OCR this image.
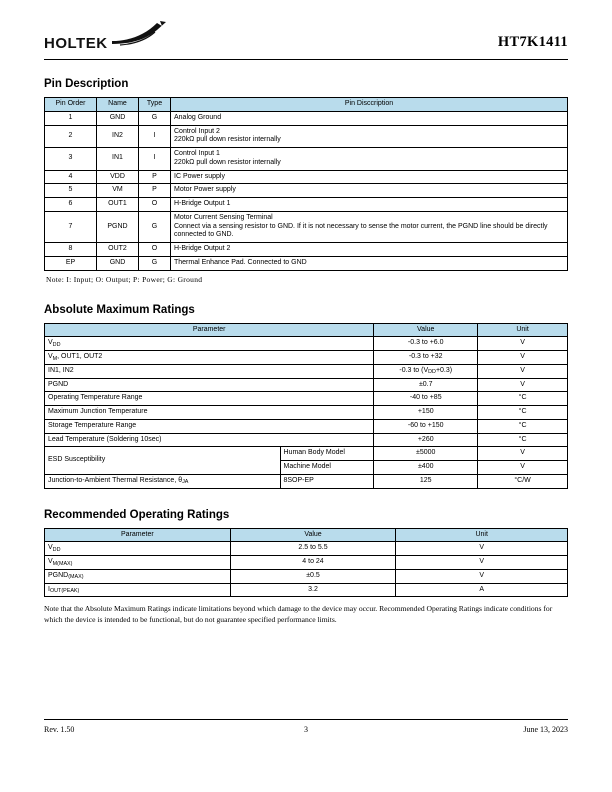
HOLTEK	HT7K1411
Pin Description
Pin Order	Name	Type	Pin Disccription
1	GND	G	Analog Ground
2	IN2	I	Control Input 2
220kΩ pull down resistor internally
3	IN1	I	Control Input 1
220kΩ pull down resistor internally
4	VDD	P	IC Power supply
5	VM	P	Motor Power supply
6	OUT1	O	H-Bridge Output 1
7	PGND	G	Motor Current Sensing Terminal
Connect via a sensing resistor to GND. If it is not necessary to sense the motor current, the PGND line should be directly connected to GND.
8	OUT2	O	H-Bridge Output 2
EP	GND	G	Thermal Enhance Pad. Connected to GND
Note: I: Input; O: Output; P: Power; G: Ground
Absolute Maximum Ratings
Parameter		Value	Unit
$V_{DD}$		-0.3 to +6.0	V
$V_M$, OUT1, OUT2		-0.3 to +32	V
IN1, IN2		-0.3 to $(V_{DD}+0.3)$	V
PGND		±0.7	V
Operating Temperature Range		-40 to +85	°C
Maximum Junction Temperature		+150	°C
Storage Temperature Range		-60 to +150	°C
Lead Temperature (Soldering 10sec)		+260	°C
ESD Susceptibility	Human Body Model	±5000	V
	Machine Model	±400	V
Junction-to-Ambient Thermal Resistance, $\theta_{JA}$	8SOP-EP	125	°C/W
Recommended Operating Ratings
Parameter	Value	Unit
$V_{DD}$	2.5 to 5.5	V
$V_{M(MAX)}$	4 to 24	V
$PGND_{(MAX)}$	±0.5	V
$I_{OUT(PEAK)}$	3.2	A
Note that the Absolute Maximum Ratings indicate limitations beyond which damage to the device may occur. Recommended Operating Ratings indicate conditions for which the device is intended to be functional, but do not guarantee specified performance limits.
Rev. 1.50	3	June 13, 2023
